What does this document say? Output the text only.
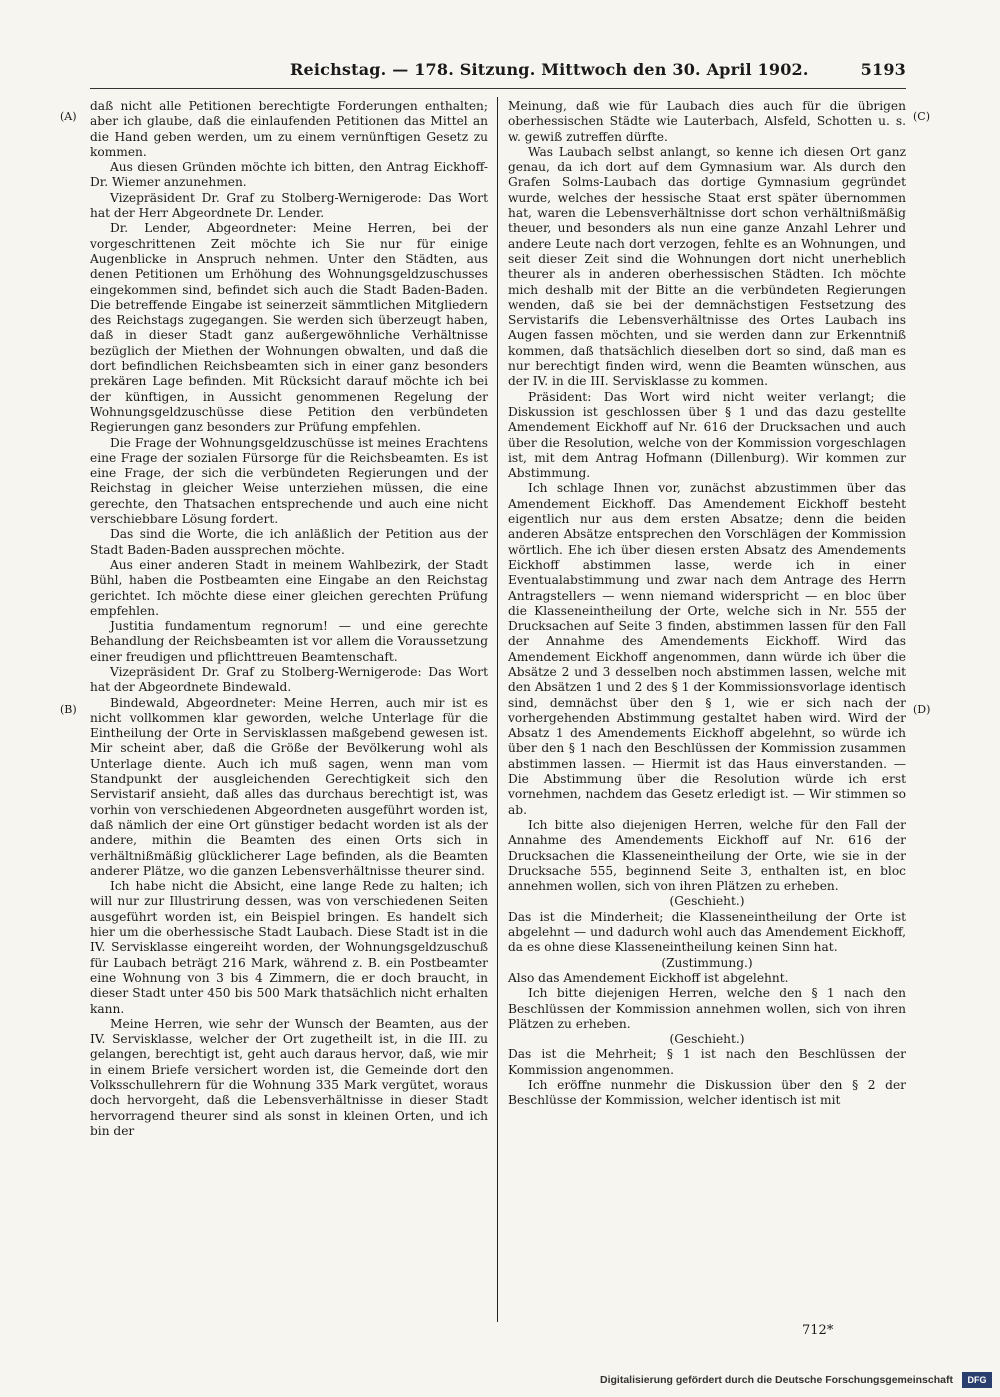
Reichstag. — 178. Sitzung. Mittwoch den 30. April 1902.	5193
(A)
(B)
(C)
(D)

daß nicht alle Petitionen berechtigte Forderungen enthalten; aber ich glaube, daß die einlaufenden Petitionen das Mittel an die Hand geben werden, um zu einem vernünftigen Gesetz zu kommen.

Aus diesen Gründen möchte ich bitten, den Antrag Eickhoff-Dr. Wiemer anzunehmen.

Vizepräsident Dr. Graf zu Stolberg-Wernigerode: Das Wort hat der Herr Abgeordnete Dr. Lender.

Dr. Lender, Abgeordneter: Meine Herren, bei der vorgeschrittenen Zeit möchte ich Sie nur für einige Augenblicke in Anspruch nehmen. Unter den Städten, aus denen Petitionen um Erhöhung des Wohnungsgeldzuschusses eingekommen sind, befindet sich auch die Stadt Baden-Baden. Die betreffende Eingabe ist seinerzeit sämmtlichen Mitgliedern des Reichstags zugegangen. Sie werden sich überzeugt haben, daß in dieser Stadt ganz außergewöhnliche Verhältnisse bezüglich der Miethen der Wohnungen obwalten, und daß die dort befindlichen Reichsbeamten sich in einer ganz besonders prekären Lage befinden. Mit Rücksicht darauf möchte ich bei der künftigen, in Aussicht genommenen Regelung der Wohnungsgeldzuschüsse diese Petition den verbündeten Regierungen ganz besonders zur Prüfung empfehlen.

Die Frage der Wohnungsgeldzuschüsse ist meines Erachtens eine Frage der sozialen Fürsorge für die Reichsbeamten. Es ist eine Frage, der sich die verbündeten Regierungen und der Reichstag in gleicher Weise unterziehen müssen, die eine gerechte, den Thatsachen entsprechende und auch eine nicht verschiebbare Lösung fordert.

Das sind die Worte, die ich anläßlich der Petition aus der Stadt Baden-Baden aussprechen möchte.

Aus einer anderen Stadt in meinem Wahlbezirk, der Stadt Bühl, haben die Postbeamten eine Eingabe an den Reichstag gerichtet. Ich möchte diese einer gleichen gerechten Prüfung empfehlen.

Justitia fundamentum regnorum! — und eine gerechte Behandlung der Reichsbeamten ist vor allem die Voraussetzung einer freudigen und pflichttreuen Beamtenschaft.

Vizepräsident Dr. Graf zu Stolberg-Wernigerode: Das Wort hat der Abgeordnete Bindewald.

Bindewald, Abgeordneter: Meine Herren, auch mir ist es nicht vollkommen klar geworden, welche Unterlage für die Eintheilung der Orte in Servisklassen maßgebend gewesen ist. Mir scheint aber, daß die Größe der Bevölkerung wohl als Unterlage diente. Auch ich muß sagen, wenn man vom Standpunkt der ausgleichenden Gerechtigkeit sich den Servistarif ansieht, daß alles das durchaus berechtigt ist, was vorhin von verschiedenen Abgeordneten ausgeführt worden ist, daß nämlich der eine Ort günstiger bedacht worden ist als der andere, mithin die Beamten des einen Orts sich in verhältnißmäßig glücklicherer Lage befinden, als die Beamten anderer Plätze, wo die ganzen Lebensverhältnisse theurer sind.

Ich habe nicht die Absicht, eine lange Rede zu halten; ich will nur zur Illustrirung dessen, was von verschiedenen Seiten ausgeführt worden ist, ein Beispiel bringen. Es handelt sich hier um die oberhessische Stadt Laubach. Diese Stadt ist in die IV. Servisklasse eingereiht worden, der Wohnungsgeldzuschuß für Laubach beträgt 216 Mark, während z. B. ein Postbeamter eine Wohnung von 3 bis 4 Zimmern, die er doch braucht, in dieser Stadt unter 450 bis 500 Mark thatsächlich nicht erhalten kann.

Meine Herren, wie sehr der Wunsch der Beamten, aus der IV. Servisklasse, welcher der Ort zugetheilt ist, in die III. zu gelangen, berechtigt ist, geht auch daraus hervor, daß, wie mir in einem Briefe versichert worden ist, die Gemeinde dort den Volksschullehrern für die Wohnung 335 Mark vergütet, woraus doch hervorgeht, daß die Lebensverhältnisse in dieser Stadt hervorragend theurer sind als sonst in kleinen Orten, und ich bin der

Meinung, daß wie für Laubach dies auch für die übrigen oberhessischen Städte wie Lauterbach, Alsfeld, Schotten u. s. w. gewiß zutreffen dürfte.

Was Laubach selbst anlangt, so kenne ich diesen Ort ganz genau, da ich dort auf dem Gymnasium war. Als durch den Grafen Solms-Laubach das dortige Gymnasium gegründet wurde, welches der hessische Staat erst später übernommen hat, waren die Lebensverhältnisse dort schon verhältnißmäßig theuer, und besonders als nun eine ganze Anzahl Lehrer und andere Leute nach dort verzogen, fehlte es an Wohnungen, und seit dieser Zeit sind die Wohnungen dort nicht unerheblich theurer als in anderen oberhessischen Städten. Ich möchte mich deshalb mit der Bitte an die verbündeten Regierungen wenden, daß sie bei der demnächstigen Festsetzung des Servistarifs die Lebensverhältnisse des Ortes Laubach ins Augen fassen möchten, und sie werden dann zur Erkenntniß kommen, daß thatsächlich dieselben dort so sind, daß man es nur berechtigt finden wird, wenn die Beamten wünschen, aus der IV. in die III. Servisklasse zu kommen.

Präsident: Das Wort wird nicht weiter verlangt; die Diskussion ist geschlossen über § 1 und das dazu gestellte Amendement Eickhoff auf Nr. 616 der Drucksachen und auch über die Resolution, welche von der Kommission vorgeschlagen ist, mit dem Antrag Hofmann (Dillenburg). Wir kommen zur Abstimmung.

Ich schlage Ihnen vor, zunächst abzustimmen über das Amendement Eickhoff. Das Amendement Eickhoff besteht eigentlich nur aus dem ersten Absatze; denn die beiden anderen Absätze entsprechen den Vorschlägen der Kommission wörtlich. Ehe ich über diesen ersten Absatz des Amendements Eickhoff abstimmen lasse, werde ich in einer Eventualabstimmung und zwar nach dem Antrage des Herrn Antragstellers — wenn niemand widerspricht — en bloc über die Klasseneintheilung der Orte, welche sich in Nr. 555 der Drucksachen auf Seite 3 finden, abstimmen lassen für den Fall der Annahme des Amendements Eickhoff. Wird das Amendement Eickhoff angenommen, dann würde ich über die Absätze 2 und 3 desselben noch abstimmen lassen, welche mit den Absätzen 1 und 2 des § 1 der Kommissionsvorlage identisch sind, demnächst über den § 1, wie er sich nach der vorhergehenden Abstimmung gestaltet haben wird. Wird der Absatz 1 des Amendements Eickhoff abgelehnt, so würde ich über den § 1 nach den Beschlüssen der Kommission zusammen abstimmen lassen. — Hiermit ist das Haus einverstanden. — Die Abstimmung über die Resolution würde ich erst vornehmen, nachdem das Gesetz erledigt ist. — Wir stimmen so ab.

Ich bitte also diejenigen Herren, welche für den Fall der Annahme des Amendements Eickhoff auf Nr. 616 der Drucksachen die Klasseneintheilung der Orte, wie sie in der Drucksache 555, beginnend Seite 3, enthalten ist, en bloc annehmen wollen, sich von ihren Plätzen zu erheben.

(Geschieht.)

Das ist die Minderheit; die Klasseneintheilung der Orte ist abgelehnt — und dadurch wohl auch das Amendement Eickhoff, da es ohne diese Klasseneintheilung keinen Sinn hat.

(Zustimmung.)

Also das Amendement Eickhoff ist abgelehnt.

Ich bitte diejenigen Herren, welche den § 1 nach den Beschlüssen der Kommission annehmen wollen, sich von ihren Plätzen zu erheben.

(Geschieht.)

Das ist die Mehrheit; § 1 ist nach den Beschlüssen der Kommission angenommen.

Ich eröffne nunmehr die Diskussion über den § 2 der Beschlüsse der Kommission, welcher identisch ist mit

712*
Digitalisierung gefördert durch die Deutsche Forschungsgemeinschaft	DFG
